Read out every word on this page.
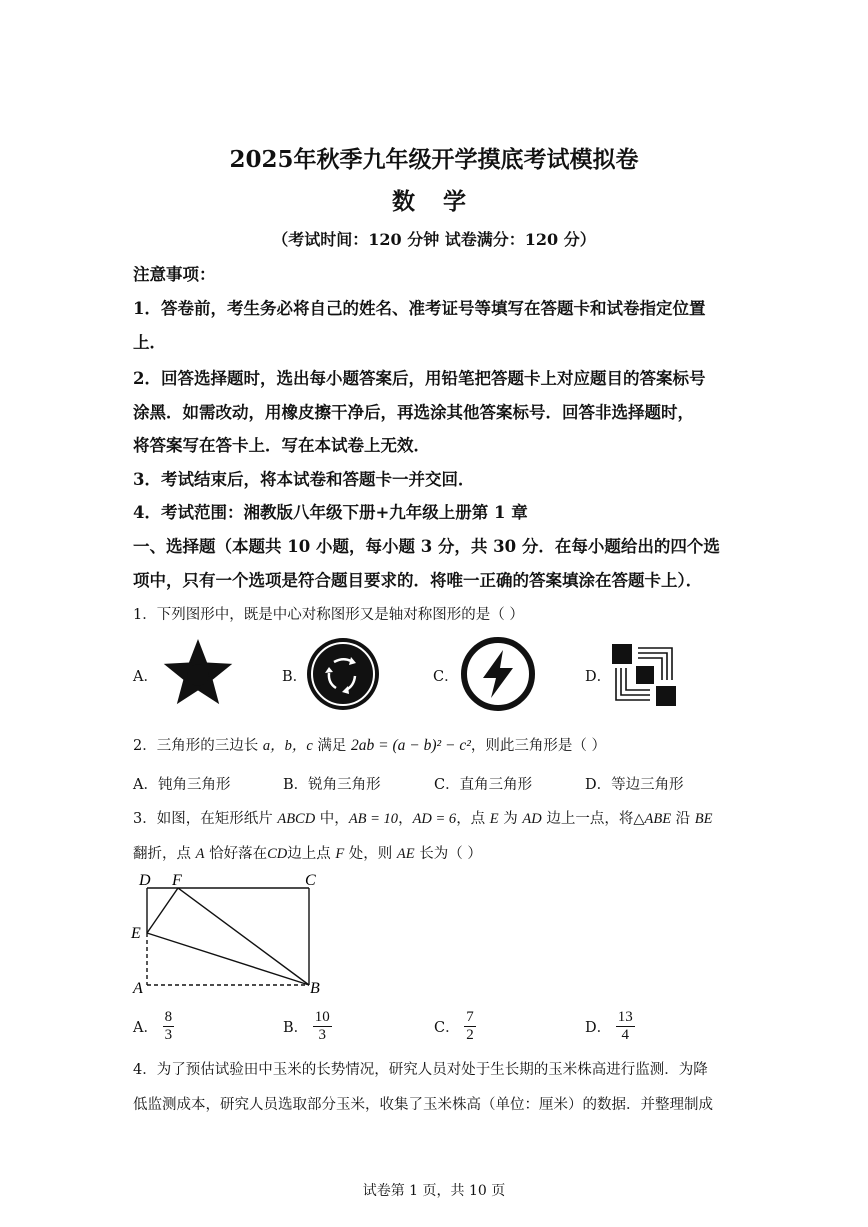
2025年秋季九年级开学摸底考试模拟卷
数 学
（考试时间：120 分钟 试卷满分：120 分）
注意事项：
1．答卷前，考生务必将自己的姓名、准考证号等填写在答题卡和试卷指定位置
上．
2．回答选择题时，选出每小题答案后，用铅笔把答题卡上对应题目的答案标号
涂黑．如需改动，用橡皮擦干净后，再选涂其他答案标号．回答非选择题时，
将答案写在答卡上．写在本试卷上无效．
3．考试结束后，将本试卷和答题卡一并交回．
4．考试范围：湘教版八年级下册+九年级上册第 1 章
一、选择题（本题共 10 小题，每小题 3 分，共 30 分．在每小题给出的四个选
项中，只有一个选项是符合题目要求的．将唯一正确的答案填涂在答题卡上）．
1．下列图形中，既是中心对称图形又是轴对称图形的是（ ）
A．	B．	C．	D．
2．三角形的三边长 a，b，c 满足 2ab = (a − b)² − c²，则此三角形是（ ）
A．钝角三角形	B．锐角三角形	C．直角三角形	D．等边三角形
3．如图，在矩形纸片 ABCD 中，AB = 10，AD = 6，点 E 为 AD 边上一点，将△ABE 沿 BE
翻折，点 A 恰好落在CD边上点 F 处，则 AE 长为（ ）
D F	C
E
A	B
A． $\frac{8}{3}$	B． $\frac{10}{3}$	C． $\frac{7}{2}$	D． $\frac{13}{4}$
4．为了预估试验田中玉米的长势情况，研究人员对处于生长期的玉米株高进行监测．为降
低监测成本，研究人员选取部分玉米，收集了玉米株高（单位：厘米）的数据．并整理制成
试卷第 1 页，共 10 页
